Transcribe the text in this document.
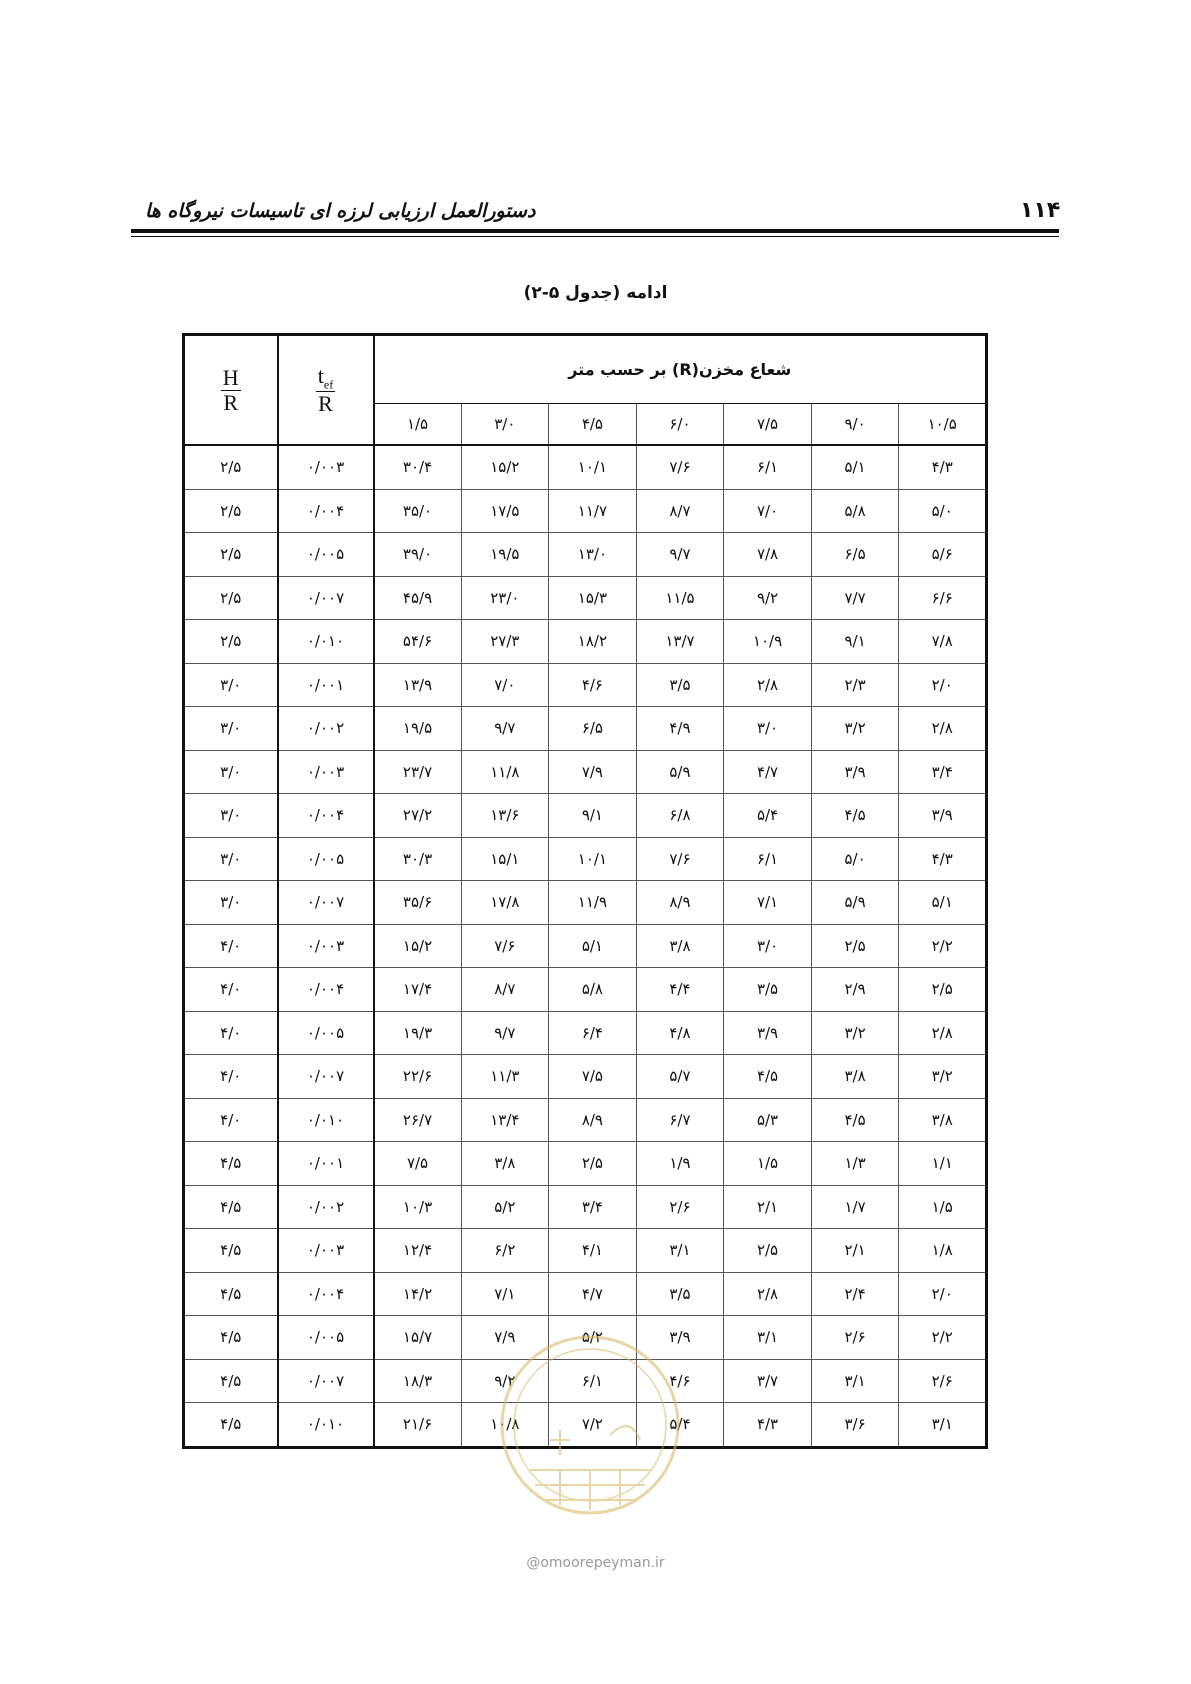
۱۱۴
دستورالعمل ارزیابی لرزه ای تاسیسات نیروگاه ها
ادامه (جدول ۵-۲)
$\frac{H}{R}$	$\frac{t_{ef}}{R}$	شعاع مخزن(R) بر حسب متر						
		۱/۵	۳/۰	۴/۵	۶/۰	۷/۵	۹/۰	۱۰/۵
۲/۵	۰/۰۰۳	۳۰/۴	۱۵/۲	۱۰/۱	۷/۶	۶/۱	۵/۱	۴/۳
۲/۵	۰/۰۰۴	۳۵/۰	۱۷/۵	۱۱/۷	۸/۷	۷/۰	۵/۸	۵/۰
۲/۵	۰/۰۰۵	۳۹/۰	۱۹/۵	۱۳/۰	۹/۷	۷/۸	۶/۵	۵/۶
۲/۵	۰/۰۰۷	۴۵/۹	۲۳/۰	۱۵/۳	۱۱/۵	۹/۲	۷/۷	۶/۶
۲/۵	۰/۰۱۰	۵۴/۶	۲۷/۳	۱۸/۲	۱۳/۷	۱۰/۹	۹/۱	۷/۸
۳/۰	۰/۰۰۱	۱۳/۹	۷/۰	۴/۶	۳/۵	۲/۸	۲/۳	۲/۰
۳/۰	۰/۰۰۲	۱۹/۵	۹/۷	۶/۵	۴/۹	۳/۰	۳/۲	۲/۸
۳/۰	۰/۰۰۳	۲۳/۷	۱۱/۸	۷/۹	۵/۹	۴/۷	۳/۹	۳/۴
۳/۰	۰/۰۰۴	۲۷/۲	۱۳/۶	۹/۱	۶/۸	۵/۴	۴/۵	۳/۹
۳/۰	۰/۰۰۵	۳۰/۳	۱۵/۱	۱۰/۱	۷/۶	۶/۱	۵/۰	۴/۳
۳/۰	۰/۰۰۷	۳۵/۶	۱۷/۸	۱۱/۹	۸/۹	۷/۱	۵/۹	۵/۱
۴/۰	۰/۰۰۳	۱۵/۲	۷/۶	۵/۱	۳/۸	۳/۰	۲/۵	۲/۲
۴/۰	۰/۰۰۴	۱۷/۴	۸/۷	۵/۸	۴/۴	۳/۵	۲/۹	۲/۵
۴/۰	۰/۰۰۵	۱۹/۳	۹/۷	۶/۴	۴/۸	۳/۹	۳/۲	۲/۸
۴/۰	۰/۰۰۷	۲۲/۶	۱۱/۳	۷/۵	۵/۷	۴/۵	۳/۸	۳/۲
۴/۰	۰/۰۱۰	۲۶/۷	۱۳/۴	۸/۹	۶/۷	۵/۳	۴/۵	۳/۸
۴/۵	۰/۰۰۱	۷/۵	۳/۸	۲/۵	۱/۹	۱/۵	۱/۳	۱/۱
۴/۵	۰/۰۰۲	۱۰/۳	۵/۲	۳/۴	۲/۶	۲/۱	۱/۷	۱/۵
۴/۵	۰/۰۰۳	۱۲/۴	۶/۲	۴/۱	۳/۱	۲/۵	۲/۱	۱/۸
۴/۵	۰/۰۰۴	۱۴/۲	۷/۱	۴/۷	۳/۵	۲/۸	۲/۴	۲/۰
۴/۵	۰/۰۰۵	۱۵/۷	۷/۹	۵/۲	۳/۹	۳/۱	۲/۶	۲/۲
۴/۵	۰/۰۰۷	۱۸/۳	۹/۲	۶/۱	۴/۶	۳/۷	۳/۱	۲/۶
۴/۵	۰/۰۱۰	۲۱/۶	۱۰/۸	۷/۲	۵/۴	۴/۳	۳/۶	۳/۱
@omoorepeyman.ir
